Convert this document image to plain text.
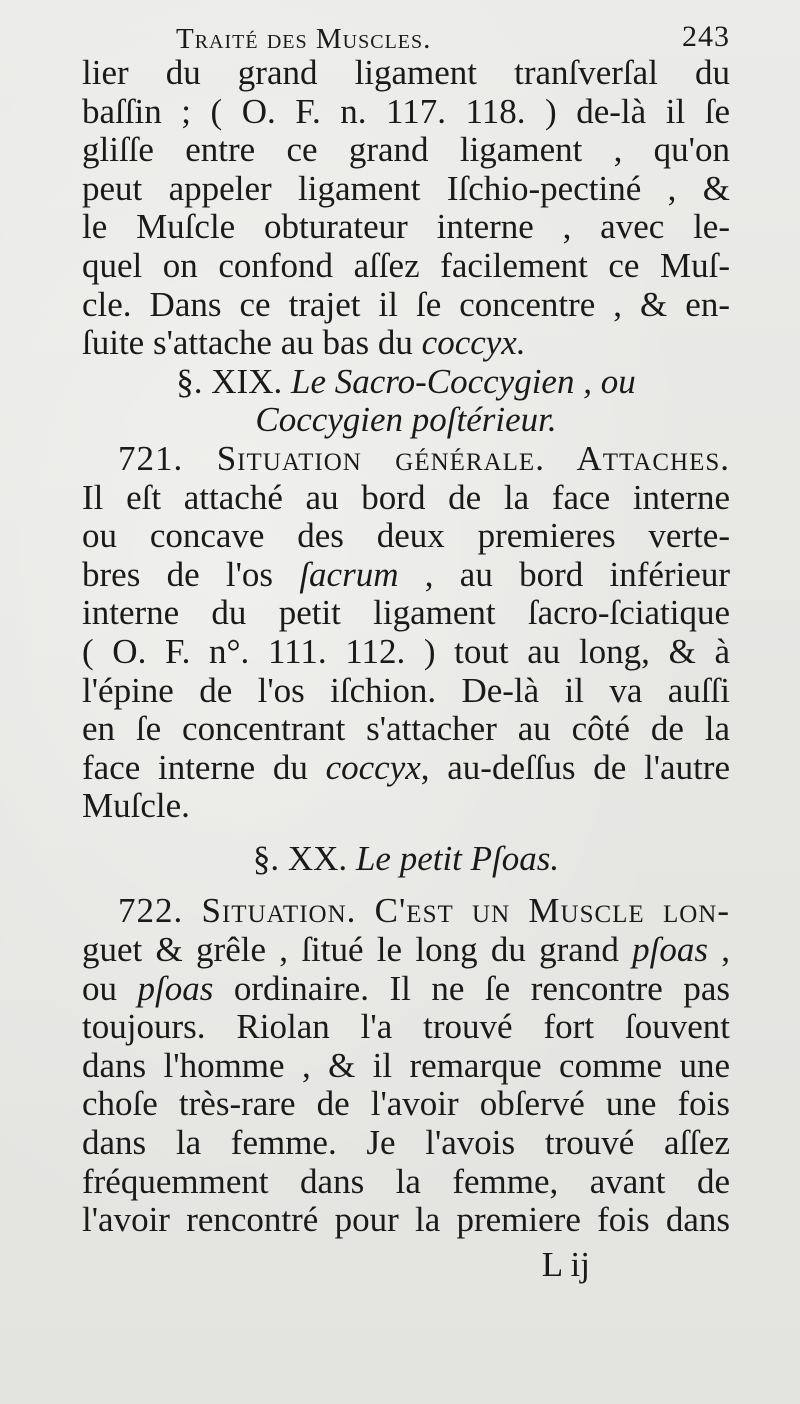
Traité des Muscles.	243
lier du grand ligament tranſverſal du
baſſin ; ( O. F. n. 117. 118. ) de-là il ſe
gliſſe entre ce grand ligament , qu'on
peut appeler ligament Iſchio-pectiné , &
le Muſcle obturateur interne , avec le-
quel on confond aſſez facilement ce Muſ-
cle. Dans ce trajet il ſe concentre , & en-
ſuite s'attache au bas du coccyx.
§. XIX. Le Sacro-Coccygien , ou
Coccygien poſtérieur.
721. Situation générale. Attaches.
Il eſt attaché au bord de la face interne
ou concave des deux premieres verte-
bres de l'os ſacrum , au bord inférieur
interne du petit ligament ſacro-ſciatique
( O. F. n°. 111. 112. ) tout au long, & à
l'épine de l'os iſchion. De-là il va auſſi
en ſe concentrant s'attacher au côté de la
face interne du coccyx, au-deſſus de l'autre
Muſcle.
§. XX. Le petit Pſoas.
722. Situation. C'eſt un Muſcle lon-
guet & grêle , ſitué le long du grand pſoas ,
ou pſoas ordinaire. Il ne ſe rencontre pas
toujours. Riolan l'a trouvé fort ſouvent
dans l'homme , & il remarque comme une
choſe très-rare de l'avoir obſervé une fois
dans la femme. Je l'avois trouvé aſſez
fréquemment dans la femme, avant de
l'avoir rencontré pour la premiere fois dans
L ij
